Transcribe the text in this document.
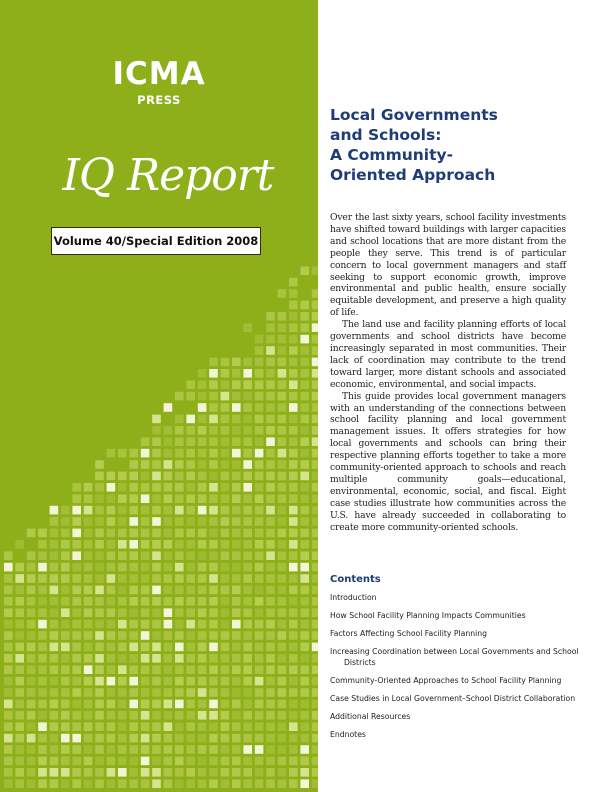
ICMA
PRESS
IQ Report
Volume 40/Special Edition 2008
Local Governments
and Schools:
A Community-
Oriented Approach

Over the last sixty years, school facility investments have shifted toward buildings with larger capacities and school locations that are more distant from the people they serve. This trend is of particular concern to local government managers and staff seeking to support economic growth, improve environmental and public health, ensure socially equitable development, and preserve a high quality of life.

The land use and facility planning efforts of local governments and school districts have become increasingly separated in most communities. Their lack of coordination may contribute to the trend toward larger, more distant schools and associated economic, environmental, and social impacts.

This guide provides local government managers with an understanding of the connections between school facility planning and local government management issues. It offers strategies for how local governments and schools can bring their respective planning efforts together to take a more community-oriented approach to schools and reach multiple community goals—educational, environmental, economic, social, and fiscal. Eight case studies illustrate how communities across the U.S. have already succeeded in collaborating to create more community-oriented schools.

Contents
Introduction
How School Facility Planning Impacts Communities
Factors Affecting School Facility Planning
Increasing Coordination between Local Governments and School Districts
Community-Oriented Approaches to School Facility Planning
Case Studies in Local Government–School District Collaboration
Additional Resources
Endnotes
